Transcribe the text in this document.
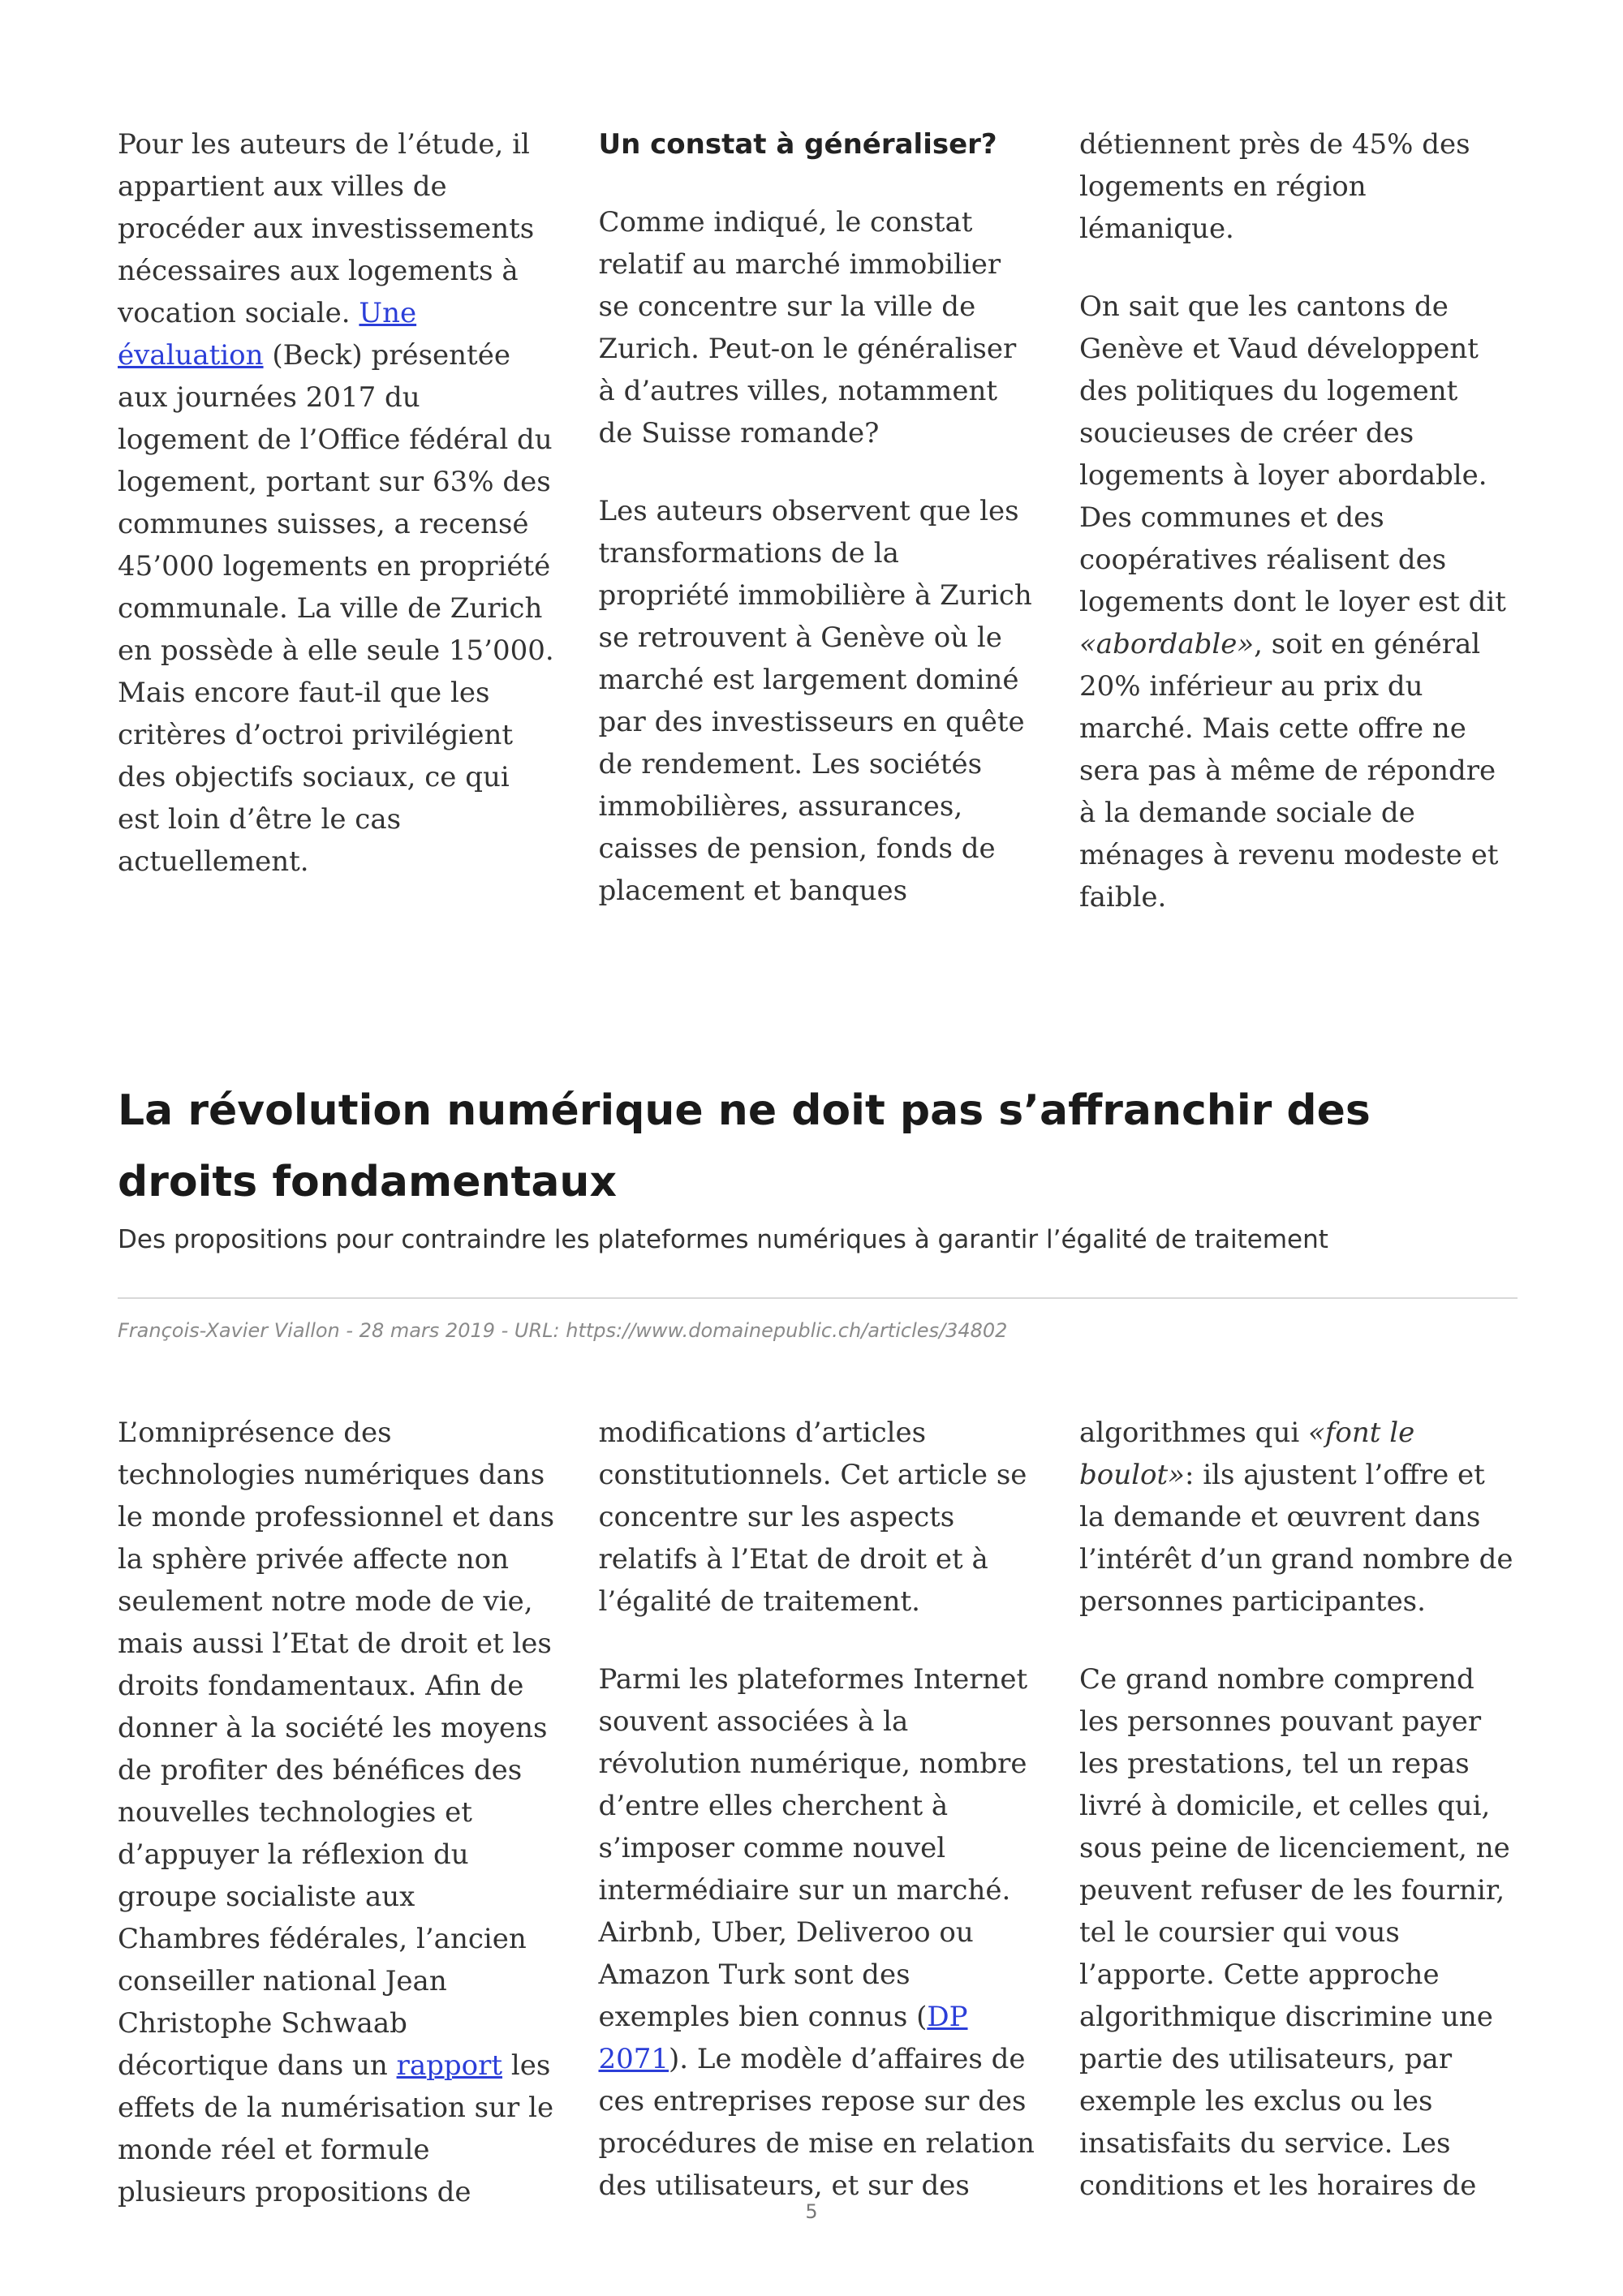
Pour les auteurs de l’étude, il appartient aux villes de procéder aux investissements nécessaires aux logements à vocation sociale. Une évaluation (Beck) présentée aux journées 2017 du logement de l’Office fédéral du logement, portant sur 63% des communes suisses, a recensé 45’000 logements en propriété communale. La ville de Zurich en possède à elle seule 15’000. Mais encore faut-il que les critères d’octroi privilégient des objectifs sociaux, ce qui est loin d’être le cas actuellement.

Un constat à généraliser?

Comme indiqué, le constat relatif au marché immobilier se concentre sur la ville de Zurich. Peut-on le généraliser à d’autres villes, notamment de Suisse romande?

Les auteurs observent que les transformations de la propriété immobilière à Zurich se retrouvent à Genève où le marché est largement dominé par des investisseurs en quête de rendement. Les sociétés immobilières, assurances, caisses de pension, fonds de placement et banques

détiennent près de 45% des logements en région lémanique.

On sait que les cantons de Genève et Vaud développent des politiques du logement soucieuses de créer des logements à loyer abordable. Des communes et des coopératives réalisent des logements dont le loyer est dit «abordable», soit en général 20% inférieur au prix du marché. Mais cette offre ne sera pas à même de répondre à la demande sociale de ménages à revenu modeste et faible.

La révolution numérique ne doit pas s’affranchir des droits fondamentaux

Des propositions pour contraindre les plateformes numériques à garantir l’égalité de traitement

François-Xavier Viallon - 28 mars 2019 - URL: https://www.domainepublic.ch/articles/34802

L’omniprésence des technologies numériques dans le monde professionnel et dans la sphère privée affecte non seulement notre mode de vie, mais aussi l’Etat de droit et les droits fondamentaux. Afin de donner à la société les moyens de profiter des bénéfices des nouvelles technologies et d’appuyer la réflexion du groupe socialiste aux Chambres fédérales, l’ancien conseiller national Jean Christophe Schwaab décortique dans un rapport les effets de la numérisation sur le monde réel et formule plusieurs propositions de

modifications d’articles constitutionnels. Cet article se concentre sur les aspects relatifs à l’Etat de droit et à l’égalité de traitement.

Parmi les plateformes Internet souvent associées à la révolution numérique, nombre d’entre elles cherchent à s’imposer comme nouvel intermédiaire sur un marché. Airbnb, Uber, Deliveroo ou Amazon Turk sont des exemples bien connus (DP 2071). Le modèle d’affaires de ces entreprises repose sur des procédures de mise en relation des utilisateurs, et sur des

algorithmes qui «font le boulot»: ils ajustent l’offre et la demande et œuvrent dans l’intérêt d’un grand nombre de personnes participantes.

Ce grand nombre comprend les personnes pouvant payer les prestations, tel un repas livré à domicile, et celles qui, sous peine de licenciement, ne peuvent refuser de les fournir, tel le coursier qui vous l’apporte. Cette approche algorithmique discrimine une partie des utilisateurs, par exemple les exclus ou les insatisfaits du service. Les conditions et les horaires de

5
